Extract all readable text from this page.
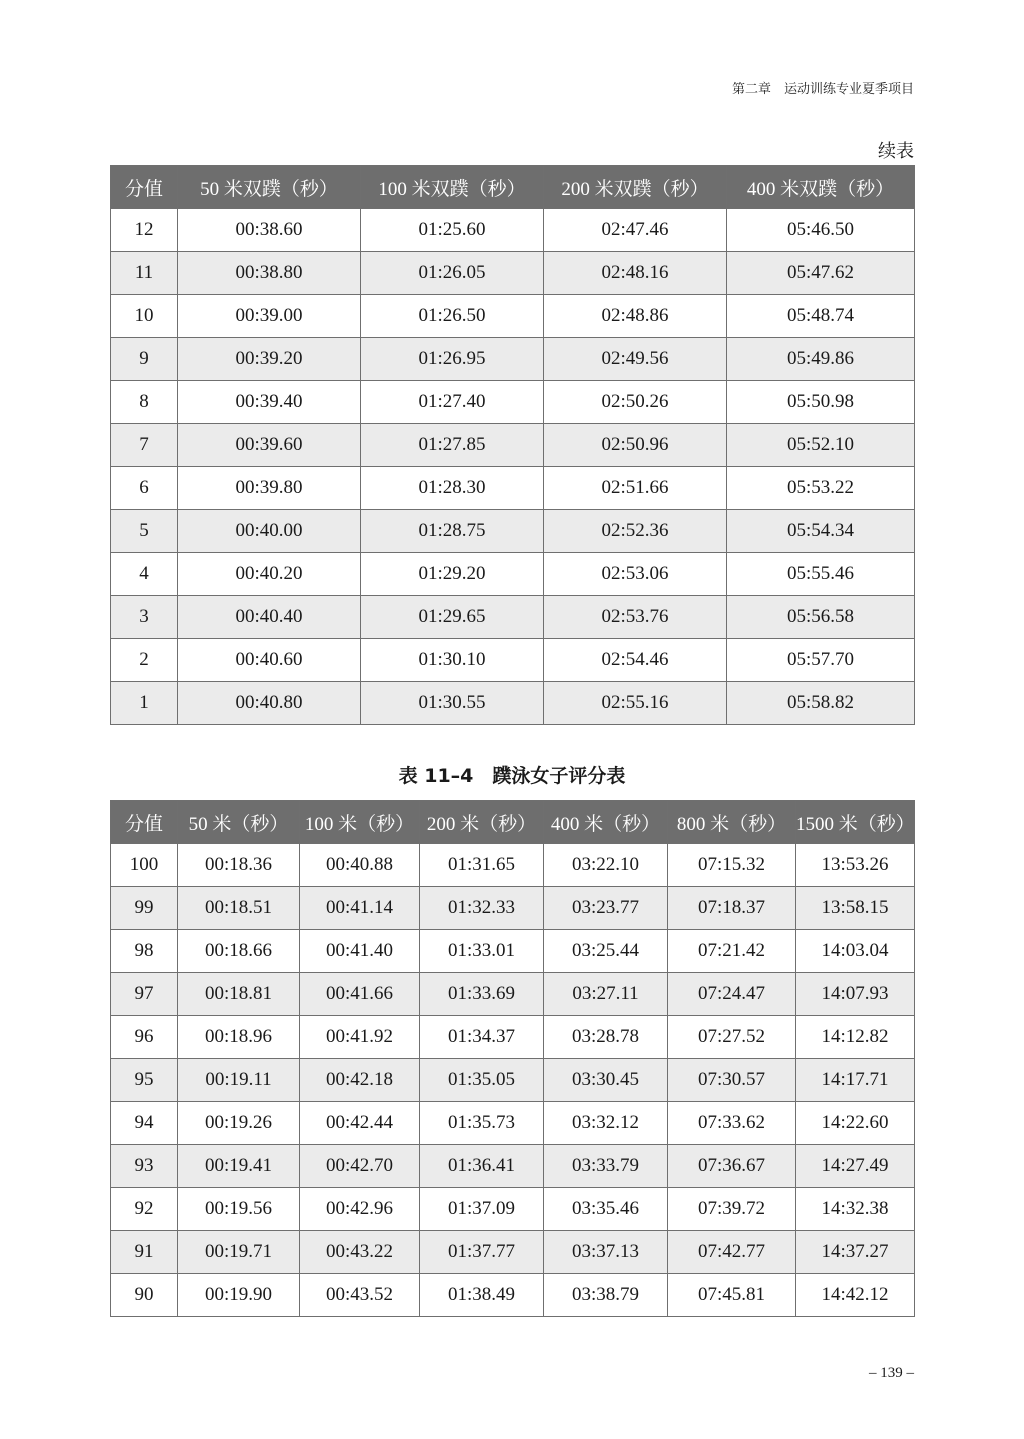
第二章　运动训练专业夏季项目
续表
分值	50 米双蹼（秒）	100 米双蹼（秒）	200 米双蹼（秒）	400 米双蹼（秒）
12	00:38.60	01:25.60	02:47.46	05:46.50
11	00:38.80	01:26.05	02:48.16	05:47.62
10	00:39.00	01:26.50	02:48.86	05:48.74
9	00:39.20	01:26.95	02:49.56	05:49.86
8	00:39.40	01:27.40	02:50.26	05:50.98
7	00:39.60	01:27.85	02:50.96	05:52.10
6	00:39.80	01:28.30	02:51.66	05:53.22
5	00:40.00	01:28.75	02:52.36	05:54.34
4	00:40.20	01:29.20	02:53.06	05:55.46
3	00:40.40	01:29.65	02:53.76	05:56.58
2	00:40.60	01:30.10	02:54.46	05:57.70
1	00:40.80	01:30.55	02:55.16	05:58.82
表 11–4　蹼泳女子评分表
分值	50 米（秒）	100 米（秒）	200 米（秒）	400 米（秒）	800 米（秒）	1500 米（秒）
100	00:18.36	00:40.88	01:31.65	03:22.10	07:15.32	13:53.26
99	00:18.51	00:41.14	01:32.33	03:23.77	07:18.37	13:58.15
98	00:18.66	00:41.40	01:33.01	03:25.44	07:21.42	14:03.04
97	00:18.81	00:41.66	01:33.69	03:27.11	07:24.47	14:07.93
96	00:18.96	00:41.92	01:34.37	03:28.78	07:27.52	14:12.82
95	00:19.11	00:42.18	01:35.05	03:30.45	07:30.57	14:17.71
94	00:19.26	00:42.44	01:35.73	03:32.12	07:33.62	14:22.60
93	00:19.41	00:42.70	01:36.41	03:33.79	07:36.67	14:27.49
92	00:19.56	00:42.96	01:37.09	03:35.46	07:39.72	14:32.38
91	00:19.71	00:43.22	01:37.77	03:37.13	07:42.77	14:37.27
90	00:19.90	00:43.52	01:38.49	03:38.79	07:45.81	14:42.12
– 139 –
